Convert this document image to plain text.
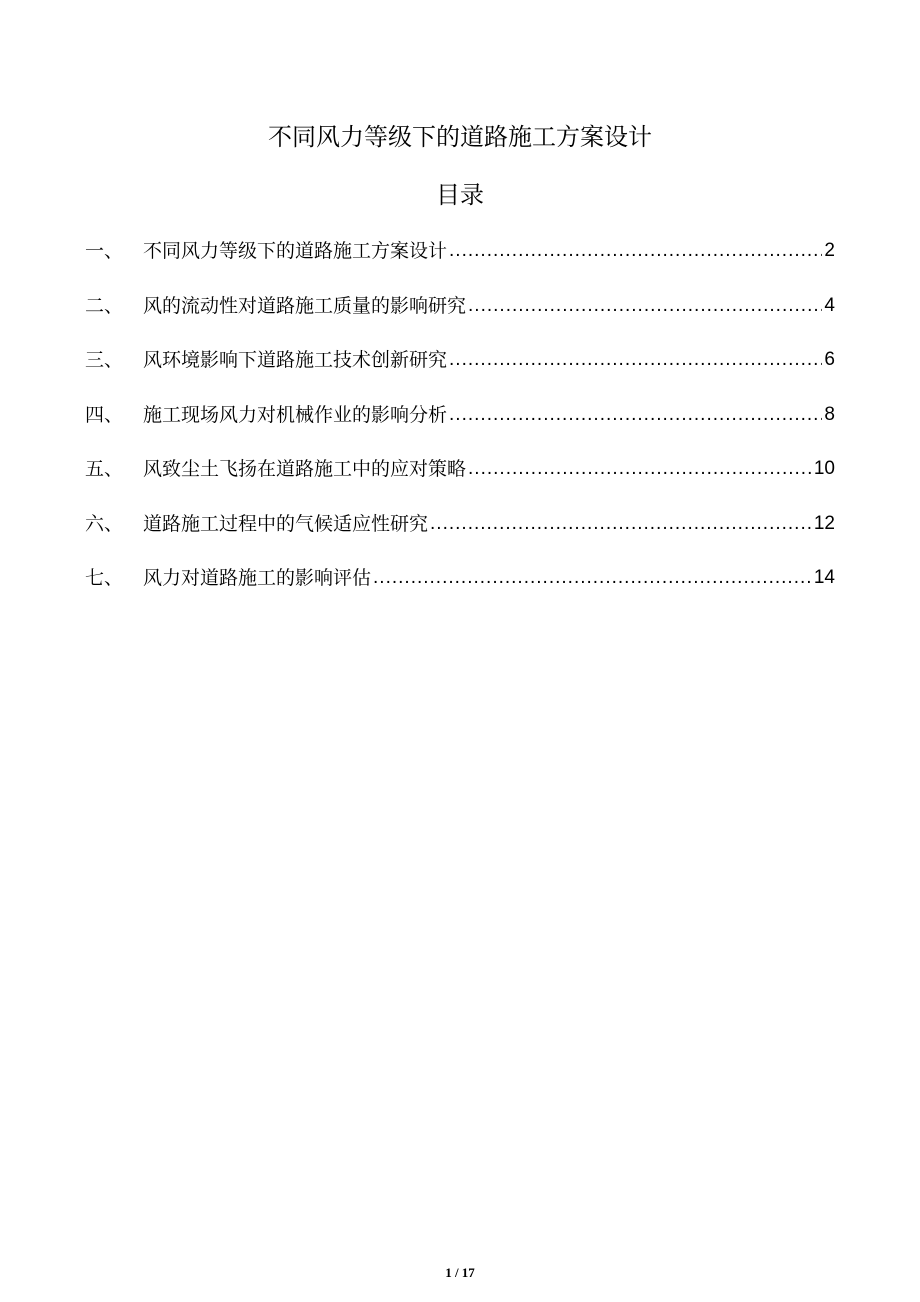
不同风力等级下的道路施工方案设计
目录
一、	不同风力等级下的道路施工方案设计 .....	2
二、	风的流动性对道路施工质量的影响研究 .....	4
三、	风环境影响下道路施工技术创新研究 .....	6
四、	施工现场风力对机械作业的影响分析 .....	8
五、	风致尘土飞扬在道路施工中的应对策略 .....	10
六、	道路施工过程中的气候适应性研究 .....	12
七、	风力对道路施工的影响评估 .....	14
1 / 17
